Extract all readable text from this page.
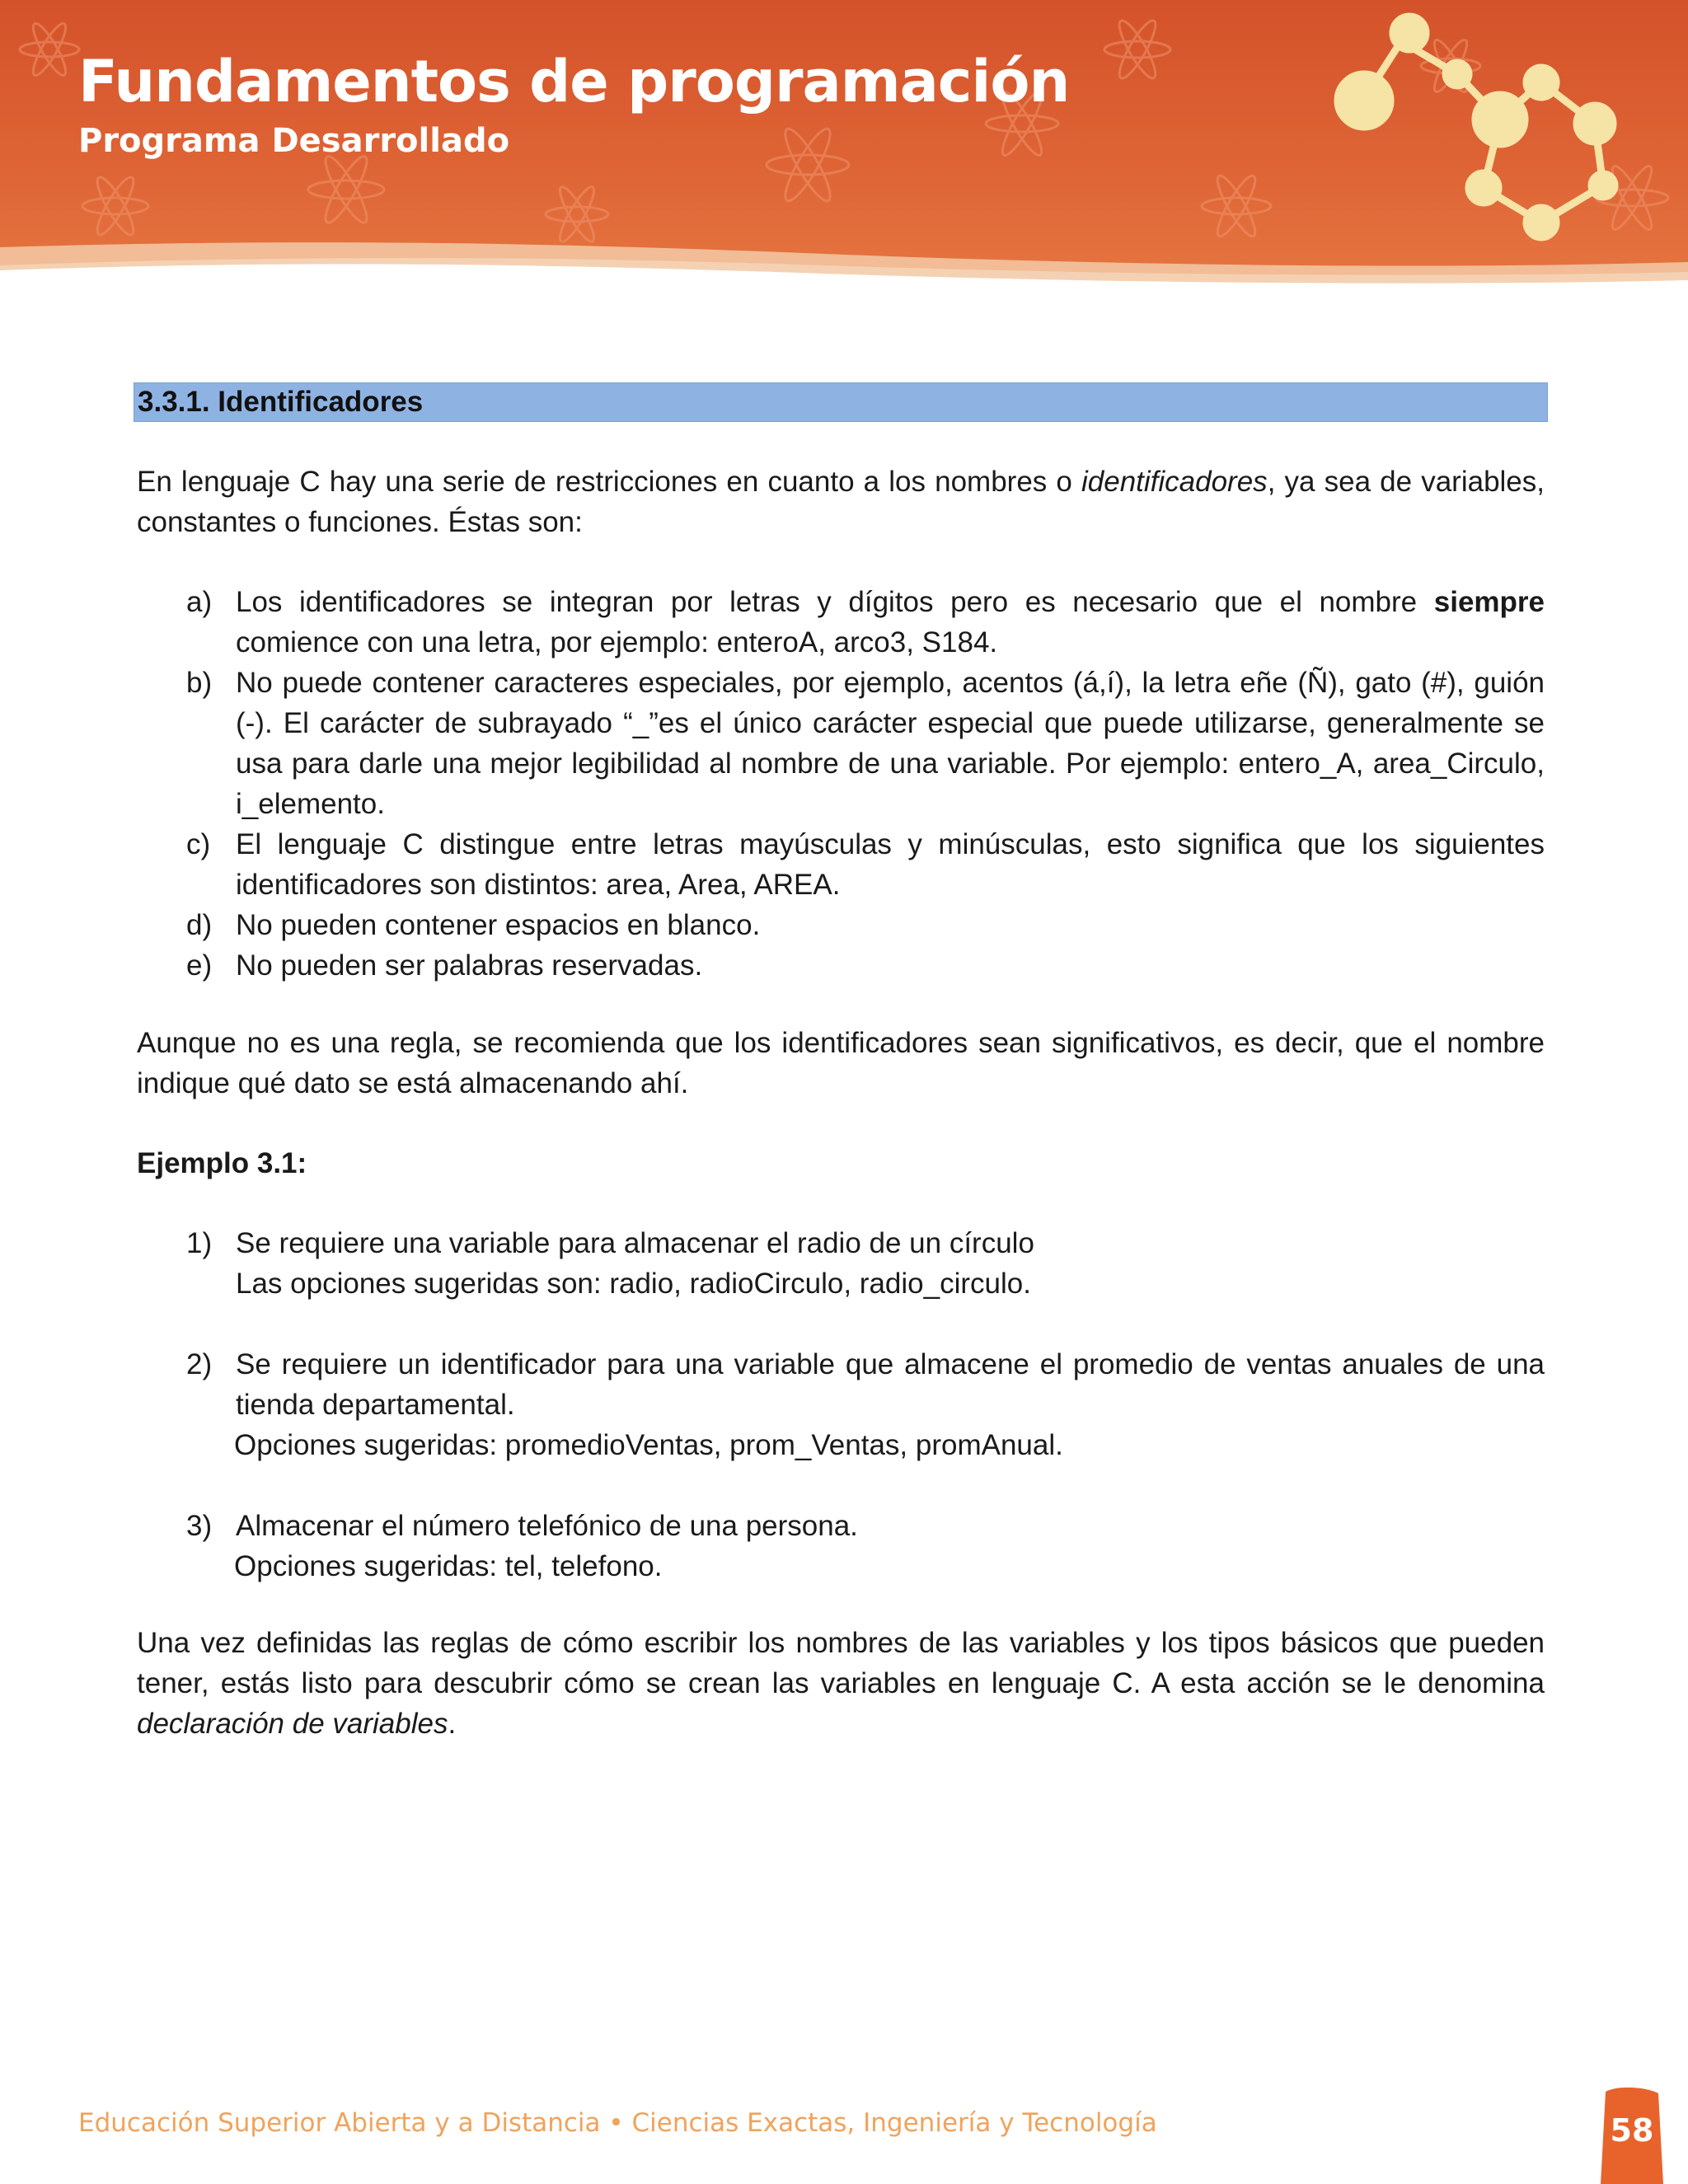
Fundamentos de programación
Programa Desarrollado
3.3.1. Identificadores

En lenguaje C hay una serie de restricciones en cuanto a los nombres o identificadores, ya sea de variables, constantes o funciones. Éstas son:

a) Los identificadores se integran por letras y dígitos pero es necesario que el nombre siempre comience con una letra, por ejemplo: enteroA, arco3, S184.
b) No puede contener caracteres especiales, por ejemplo, acentos (á,í), la letra eñe (Ñ), gato (#), guión (-). El carácter de subrayado “_”es el único carácter especial que puede utilizarse, generalmente se usa para darle una mejor legibilidad al nombre de una variable. Por ejemplo: entero_A, area_Circulo, i_elemento.
c) El lenguaje C distingue entre letras mayúsculas y minúsculas, esto significa que los siguientes identificadores son distintos: area, Area, AREA.
d) No pueden contener espacios en blanco.
e) No pueden ser palabras reservadas.

Aunque no es una regla, se recomienda que los identificadores sean significativos, es decir, que el nombre indique qué dato se está almacenando ahí.

Ejemplo 3.1:
1) Se requiere una variable para almacenar el radio de un círculo
Las opciones sugeridas son: radio, radioCirculo, radio_circulo.
2) Se requiere un identificador para una variable que almacene el promedio de ventas anuales de una tienda departamental.
Opciones sugeridas: promedioVentas, prom_Ventas, promAnual.
3) Almacenar el número telefónico de una persona.
Opciones sugeridas: tel, telefono.

Una vez definidas las reglas de cómo escribir los nombres de las variables y los tipos básicos que pueden tener, estás listo para descubrir cómo se crean las variables en lenguaje C. A esta acción se le denomina declaración de variables.

Educación Superior Abierta y a Distancia • Ciencias Exactas, Ingeniería y Tecnología	58
